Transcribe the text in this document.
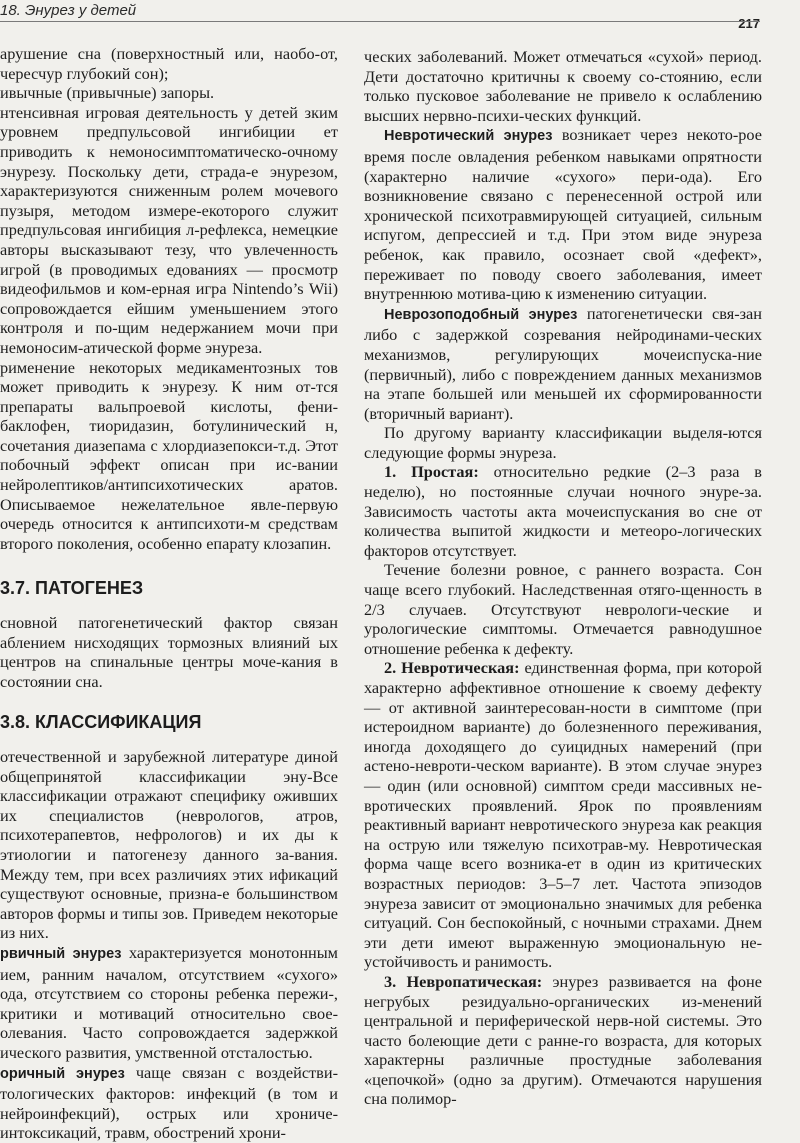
18. Энурез у детей
217

арушение сна (поверхностный или, наобо-от, чересчур глубокий сон);

ивычные (привычные) запоры.

нтенсивная игровая деятельность у детей зким уровнем предпульсовой ингибиции ет приводить к немоносимптоматическо-очному энурезу. Поскольку дети, страда-е энурезом, характеризуются сниженным ролем мочевого пузыря, методом измере-екоторого служит предпульсовая ингибиция л-рефлекса, немецкие авторы высказывают тезу, что увлеченность игрой (в проводимых едованиях — просмотр видеофильмов и ком-ерная игра Nintendo’s Wii) сопровождается ейшим уменьшением этого контроля и по-щим недержанием мочи при немоносим-атической форме энуреза.

рименение некоторых медикаментозных тов может приводить к энурезу. К ним от-тся препараты вальпроевой кислоты, фени-баклофен, тиоридазин, ботулинический н, сочетания диазепама с хлордиазепокси-т.д. Этот побочный эффект описан при ис-вании нейролептиков/антипсихотических аратов. Описываемое нежелательное явле-первую очередь относится к антипсихоти-м средствам второго поколения, особенно епарату клозапин.

3.7. ПАТОГЕНЕЗ

сновной патогенетический фактор связан аблением нисходящих тормозных влияний ых центров на спинальные центры моче-кания в состоянии сна.

3.8. КЛАССИФИКАЦИЯ

отечественной и зарубежной литературе диной общепринятой классификации эну-Все классификации отражают специфику оживших их специалистов (неврологов, атров, психотерапевтов, нефрологов) и их ды к этиологии и патогенезу данного за-вания. Между тем, при всех различиях этих ификаций существуют основные, призна-е большинством авторов формы и типы зов. Приведем некоторые из них.

рвичный энурез характеризуется монотонным ием, ранним началом, отсутствием «сухого» ода, отсутствием со стороны ребенка пережи-, критики и мотиваций относительно свое-олевания. Часто сопровождается задержкой ического развития, умственной отсталостью.

оричный энурез чаще связан с воздействи-тологических факторов: инфекций (в том и нейроинфекций), острых или хрониче-интоксикаций, травм, обострений хрони-

ческих заболеваний. Может отмечаться «сухой» период. Дети достаточно критичны к своему со-стоянию, если только пусковое заболевание не привело к ослаблению высших нервно-психи-ческих функций.

Невротический энурез возникает через некото-рое время после овладения ребенком навыками опрятности (характерно наличие «сухого» пери-ода). Его возникновение связано с перенесенной острой или хронической психотравмирующей ситуацией, сильным испугом, депрессией и т.д. При этом виде энуреза ребенок, как правило, осознает свой «дефект», переживает по поводу своего заболевания, имеет внутреннюю мотива-цию к изменению ситуации.

Неврозоподобный энурез патогенетически свя-зан либо с задержкой созревания нейродинами-ческих механизмов, регулирующих мочеиспуска-ние (первичный), либо с повреждением данных механизмов на этапе большей или меньшей их сформированности (вторичный вариант).

По другому варианту классификации выделя-ются следующие формы энуреза.

1. Простая: относительно редкие (2–3 раза в неделю), но постоянные случаи ночного энуре-за. Зависимость частоты акта мочеиспускания во сне от количества выпитой жидкости и метеоро-логических факторов отсутствует.

Течение болезни ровное, с раннего возраста. Сон чаще всего глубокий. Наследственная отяго-щенность в 2/3 случаев. Отсутствуют неврологи-ческие и урологические симптомы. Отмечается равнодушное отношение ребенка к дефекту.

2. Невротическая: единственная форма, при которой характерно аффективное отношение к своему дефекту — от активной заинтересован-ности в симптоме (при истероидном варианте) до болезненного переживания, иногда доходящего до суицидных намерений (при астено-невроти-ческом варианте). В этом случае энурез — один (или основной) симптом среди массивных не-вротических проявлений. Ярок по проявлениям реактивный вариант невротического энуреза как реакция на острую или тяжелую психотрав-му. Невротическая форма чаще всего возника-ет в один из критических возрастных периодов: 3–5–7 лет. Частота эпизодов энуреза зависит от эмоционально значимых для ребенка ситуаций. Сон беспокойный, с ночными страхами. Днем эти дети имеют выраженную эмоциональную не-устойчивость и ранимость.

3. Невропатическая: энурез развивается на фоне негрубых резидуально-органических из-менений центральной и периферической нерв-ной системы. Это часто болеющие дети с ранне-го возраста, для которых характерны различные простудные заболевания «цепочкой» (одно за другим). Отмечаются нарушения сна полимор-
